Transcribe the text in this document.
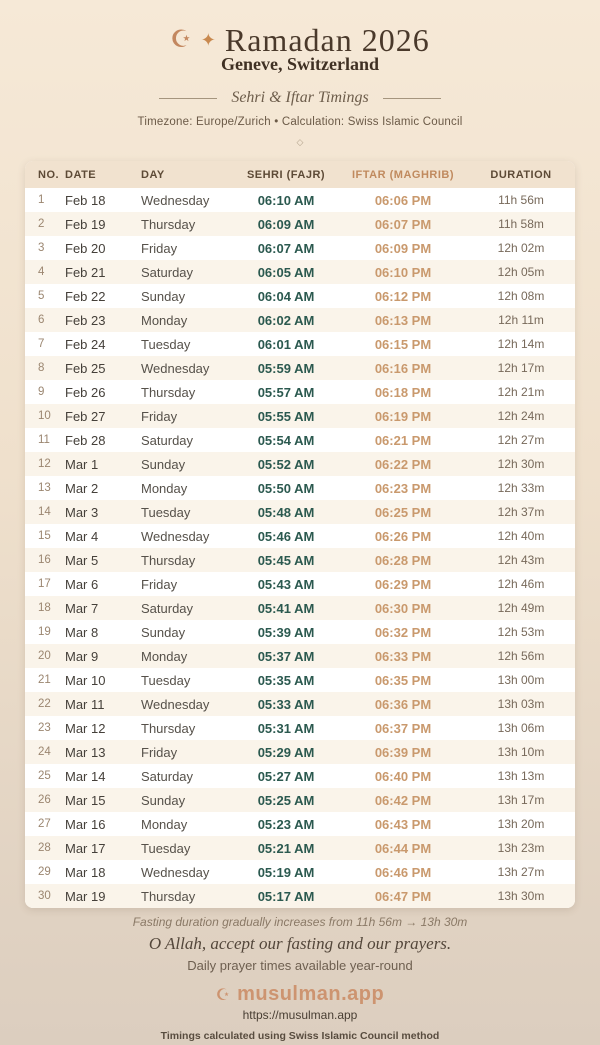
☪ ✦ Ramadan 2026
Geneve, Switzerland
Sehri & Iftar Timings
Timezone: Europe/Zurich • Calculation: Swiss Islamic Council
◇
NO.	DATE	DAY	SEHRI (FAJR)	IFTAR (MAGHRIB)	DURATION
1	Feb 18	Wednesday	06:10 AM	06:06 PM	11h 56m
2	Feb 19	Thursday	06:09 AM	06:07 PM	11h 58m
3	Feb 20	Friday	06:07 AM	06:09 PM	12h 02m
4	Feb 21	Saturday	06:05 AM	06:10 PM	12h 05m
5	Feb 22	Sunday	06:04 AM	06:12 PM	12h 08m
6	Feb 23	Monday	06:02 AM	06:13 PM	12h 11m
7	Feb 24	Tuesday	06:01 AM	06:15 PM	12h 14m
8	Feb 25	Wednesday	05:59 AM	06:16 PM	12h 17m
9	Feb 26	Thursday	05:57 AM	06:18 PM	12h 21m
10	Feb 27	Friday	05:55 AM	06:19 PM	12h 24m
11	Feb 28	Saturday	05:54 AM	06:21 PM	12h 27m
12	Mar 1	Sunday	05:52 AM	06:22 PM	12h 30m
13	Mar 2	Monday	05:50 AM	06:23 PM	12h 33m
14	Mar 3	Tuesday	05:48 AM	06:25 PM	12h 37m
15	Mar 4	Wednesday	05:46 AM	06:26 PM	12h 40m
16	Mar 5	Thursday	05:45 AM	06:28 PM	12h 43m
17	Mar 6	Friday	05:43 AM	06:29 PM	12h 46m
18	Mar 7	Saturday	05:41 AM	06:30 PM	12h 49m
19	Mar 8	Sunday	05:39 AM	06:32 PM	12h 53m
20	Mar 9	Monday	05:37 AM	06:33 PM	12h 56m
21	Mar 10	Tuesday	05:35 AM	06:35 PM	13h 00m
22	Mar 11	Wednesday	05:33 AM	06:36 PM	13h 03m
23	Mar 12	Thursday	05:31 AM	06:37 PM	13h 06m
24	Mar 13	Friday	05:29 AM	06:39 PM	13h 10m
25	Mar 14	Saturday	05:27 AM	06:40 PM	13h 13m
26	Mar 15	Sunday	05:25 AM	06:42 PM	13h 17m
27	Mar 16	Monday	05:23 AM	06:43 PM	13h 20m
28	Mar 17	Tuesday	05:21 AM	06:44 PM	13h 23m
29	Mar 18	Wednesday	05:19 AM	06:46 PM	13h 27m
30	Mar 19	Thursday	05:17 AM	06:47 PM	13h 30m
Fasting duration gradually increases from 11h 56m → 13h 30m
O Allah, accept our fasting and our prayers.
Daily prayer times available year-round
☪ musulman.app
https://musulman.app
Timings calculated using Swiss Islamic Council method
